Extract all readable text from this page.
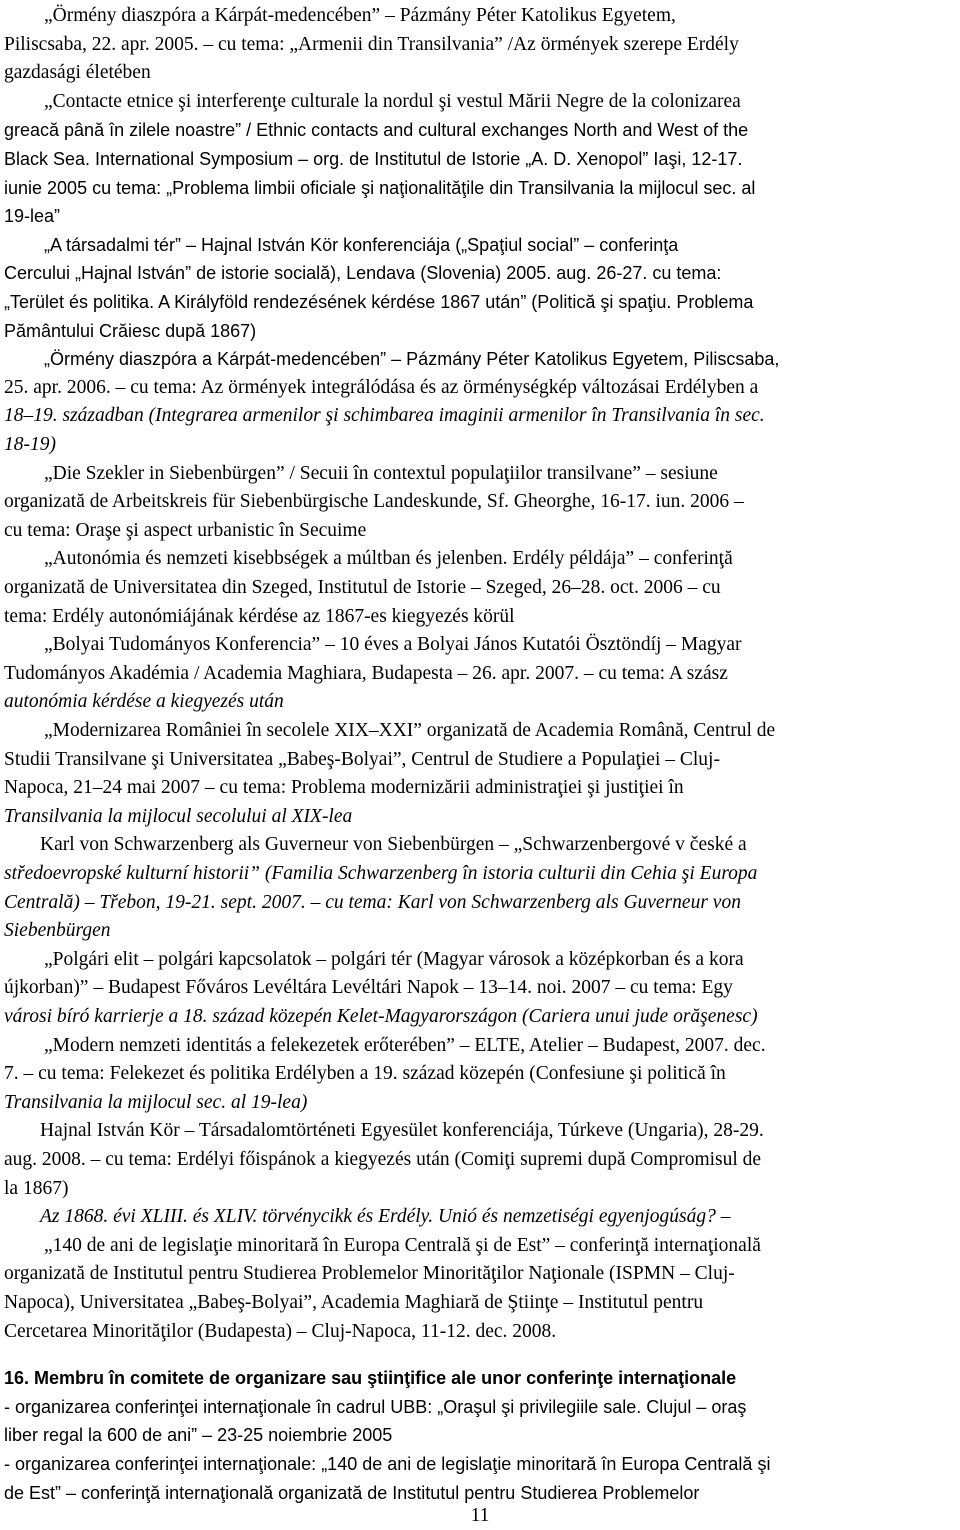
„Örmény diaszpóra a Kárpát-medencében” – Pázmány Péter Katolikus Egyetem,
Piliscsaba, 22. apr. 2005. – cu tema: „Armenii din Transilvania” /Az örmények szerepe Erdély
gazdasági életében
„Contacte etnice şi interferenţe culturale la nordul şi vestul Mării Negre de la colonizarea
greacă până în zilele noastre” / Ethnic contacts and cultural exchanges North and West of the
Black Sea. International Symposium – org. de Institutul de Istorie „A. D. Xenopol” Iaşi, 12-17.
iunie 2005 cu tema: „Problema limbii oficiale şi naţionalităţile din Transilvania la mijlocul sec. al
19-lea”
„A társadalmi tér” – Hajnal István Kör konferenciája („Spaţiul social” – conferinţa
Cercului „Hajnal István” de istorie socială), Lendava (Slovenia) 2005. aug. 26-27. cu tema:
„Terület és politika. A Királyföld rendezésének kérdése 1867 után” (Politică şi spaţiu. Problema
Pământului Crăiesc după 1867)
„Örmény diaszpóra a Kárpát-medencében” – Pázmány Péter Katolikus Egyetem, Piliscsaba,
25. apr. 2006. – cu tema: Az örmények integrálódása és az örménységkép változásai Erdélyben a
18–19. században (Integrarea armenilor şi schimbarea imaginii armenilor în Transilvania în sec.
18-19)
„Die Szekler in Siebenbürgen” / Secuii în contextul populaţiilor transilvane” – sesiune
organizată de Arbeitskreis für Siebenbürgische Landeskunde, Sf. Gheorghe, 16-17. iun. 2006 –
cu tema: Oraşe şi aspect urbanistic în Secuime
„Autonómia és nemzeti kisebbségek a múltban és jelenben. Erdély példája” – conferinţă
organizată de Universitatea din Szeged, Institutul de Istorie – Szeged, 26–28. oct. 2006 – cu
tema: Erdély autonómiájának kérdése az 1867-es kiegyezés körül
„Bolyai Tudományos Konferencia” – 10 éves a Bolyai János Kutatói Ösztöndíj – Magyar
Tudományos Akadémia / Academia Maghiara, Budapesta – 26. apr. 2007. – cu tema: A szász
autonómia kérdése a kiegyezés után
„Modernizarea României în secolele XIX–XXI” organizată de Academia Română, Centrul de
Studii Transilvane şi Universitatea „Babeş-Bolyai”, Centrul de Studiere a Populaţiei – Cluj-
Napoca, 21–24 mai 2007 – cu tema: Problema modernizării administraţiei şi justiţiei în
Transilvania la mijlocul secolului al XIX-lea
Karl von Schwarzenberg als Guverneur von Siebenbürgen – „Schwarzenbergové v české a
středoevropské kulturní historii” (Familia Schwarzenberg în istoria culturii din Cehia şi Europa
Centrală) – Třebon, 19-21. sept. 2007. – cu tema: Karl von Schwarzenberg als Guverneur von
Siebenbürgen
„Polgári elit – polgári kapcsolatok – polgári tér (Magyar városok a középkorban és a kora
újkorban)” – Budapest Főváros Levéltára Levéltári Napok – 13–14. noi. 2007 – cu tema: Egy
városi bíró karrierje a 18. század közepén Kelet-Magyarországon (Cariera unui jude orăşenesc)
„Modern nemzeti identitás a felekezetek erőterében” – ELTE, Atelier – Budapest, 2007. dec.
7. – cu tema: Felekezet és politika Erdélyben a 19. század közepén (Confesiune şi politică în
Transilvania la mijlocul sec. al 19-lea)
Hajnal István Kör – Társadalomtörténeti Egyesület konferenciája, Túrkeve (Ungaria), 28-29.
aug. 2008. – cu tema: Erdélyi főispánok a kiegyezés után (Comiţi supremi după Compromisul de
la 1867)
Az 1868. évi XLIII. és XLIV. törvénycikk és Erdély. Unió és nemzetiségi egyenjogúság? –
„140 de ani de legislaţie minoritară în Europa Centrală şi de Est” – conferinţă internaţională
organizată de Institutul pentru Studierea Problemelor Minorităţilor Naţionale (ISPMN – Cluj-
Napoca), Universitatea „Babeş-Bolyai”, Academia Maghiară de Ştiinţe – Institutul pentru
Cercetarea Minorităţilor (Budapesta) – Cluj-Napoca, 11-12. dec. 2008.
16. Membru în comitete de organizare sau ştiinţifice ale unor conferinţe internaţionale
- organizarea conferinţei internaţionale în cadrul UBB: „Oraşul şi privilegiile sale. Clujul – oraş
liber regal la 600 de ani” – 23-25 noiembrie 2005
- organizarea conferinţei internaţionale: „140 de ani de legislaţie minoritară în Europa Centrală şi
de Est” – conferinţă internaţională organizată de Institutul pentru Studierea Problemelor
11
